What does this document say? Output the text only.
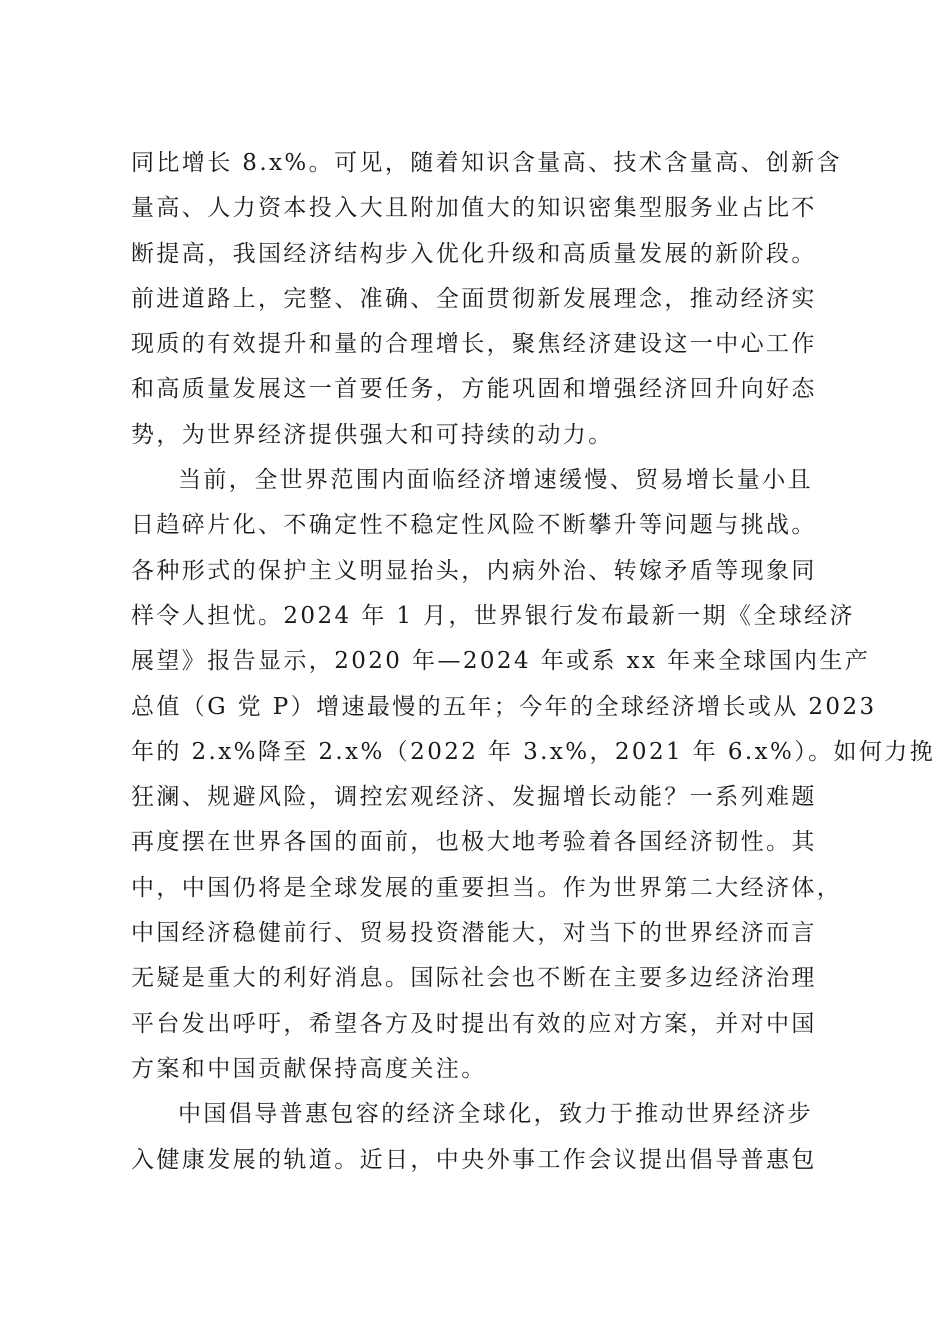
同比增长 8.x%。可见，随着知识含量高、技术含量高、创新含
量高、人力资本投入大且附加值大的知识密集型服务业占比不
断提高，我国经济结构步入优化升级和高质量发展的新阶段。
前进道路上，完整、准确、全面贯彻新发展理念，推动经济实
现质的有效提升和量的合理增长，聚焦经济建设这一中心工作
和高质量发展这一首要任务，方能巩固和增强经济回升向好态
势，为世界经济提供强大和可持续的动力。
当前，全世界范围内面临经济增速缓慢、贸易增长量小且
日趋碎片化、不确定性不稳定性风险不断攀升等问题与挑战。
各种形式的保护主义明显抬头，内病外治、转嫁矛盾等现象同
样令人担忧。2024 年 1 月，世界银行发布最新一期《全球经济
展望》报告显示，2020 年—2024 年或系 xx 年来全球国内生产
总值（G 党 P）增速最慢的五年；今年的全球经济增长或从 2023
年的 2.x%降至 2.x%（2022 年 3.x%，2021 年 6.x%）。如何力挽
狂澜、规避风险，调控宏观经济、发掘增长动能？一系列难题
再度摆在世界各国的面前，也极大地考验着各国经济韧性。其
中，中国仍将是全球发展的重要担当。作为世界第二大经济体，
中国经济稳健前行、贸易投资潜能大，对当下的世界经济而言
无疑是重大的利好消息。国际社会也不断在主要多边经济治理
平台发出呼吁，希望各方及时提出有效的应对方案，并对中国
方案和中国贡献保持高度关注。
中国倡导普惠包容的经济全球化，致力于推动世界经济步
入健康发展的轨道。近日，中央外事工作会议提出倡导普惠包
